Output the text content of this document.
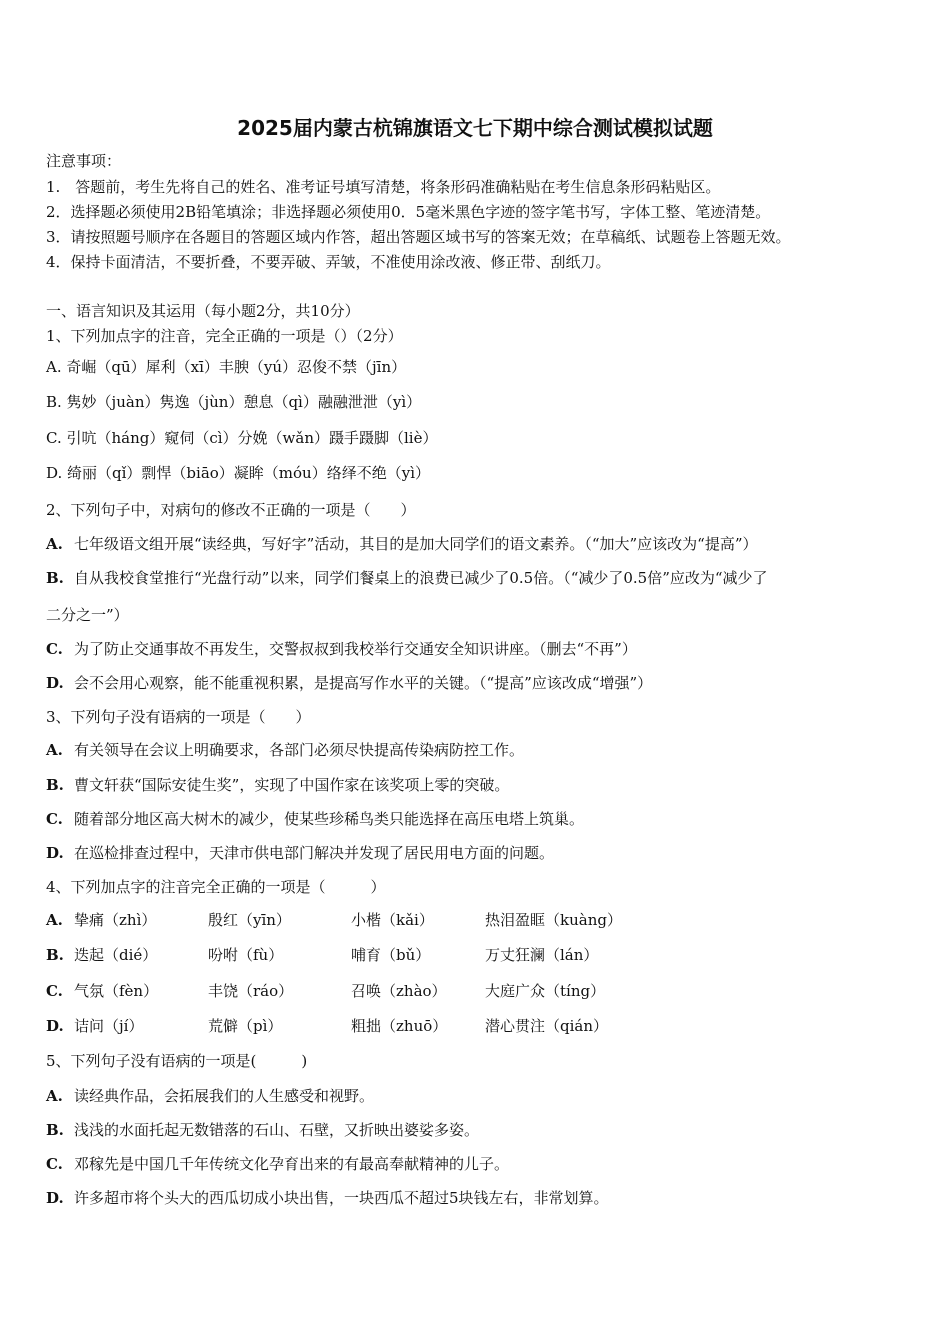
2025届内蒙古杭锦旗语文七下期中综合测试模拟试题
注意事项：
1.　答题前，考生先将自己的姓名、准考证号填写清楚，将条形码准确粘贴在考生信息条形码粘贴区。
2．选择题必须使用2B铅笔填涂；非选择题必须使用0．5毫米黑色字迹的签字笔书写，字体工整、笔迹清楚。
3．请按照题号顺序在各题目的答题区域内作答，超出答题区域书写的答案无效；在草稿纸、试题卷上答题无效。
4．保持卡面清洁，不要折叠，不要弄破、弄皱，不准使用涂改液、修正带、刮纸刀。
一、语言知识及其运用（每小题2分，共10分）
1、下列加点字的注音，完全正确的一项是（）（2分）
A. 奇崛（qū）犀利（xī）丰腴（yú）忍俊不禁（jīn）
B. 隽妙（juàn）隽逸（jùn）憩息（qì）融融泄泄（yì）
C. 引吭（háng）窥伺（cì）分娩（wǎn）蹑手蹑脚（liè）
D. 绮丽（qǐ）剽悍（biāo）凝眸（móu）络绎不绝（yì）
2、下列句子中，对病句的修改不正确的一项是（　　）
A. 七年级语文组开展“读经典，写好字”活动，其目的是加大同学们的语文素养。（“加大”应该改为“提高”）
B. 自从我校食堂推行“光盘行动”以来，同学们餐桌上的浪费已减少了0.5倍。（“减少了0.5倍”应改为“减少了
二分之一”）
C. 为了防止交通事故不再发生，交警叔叔到我校举行交通安全知识讲座。（删去“不再”）
D. 会不会用心观察，能不能重视积累，是提高写作水平的关键。（“提高”应该改成“增强”）
3、下列句子没有语病的一项是（　　）
A. 有关领导在会议上明确要求，各部门必须尽快提高传染病防控工作。
B. 曹文轩获“国际安徒生奖”，实现了中国作家在该奖项上零的突破。
C. 随着部分地区高大树木的减少，使某些珍稀鸟类只能选择在高压电塔上筑巢。
D. 在巡检排查过程中，天津市供电部门解决并发现了居民用电方面的问题。
4、下列加点字的注音完全正确的一项是（　　　）
A. 挚痛（zhì）	殷红（yīn）	小楷（kǎi）	热泪盈眶（kuàng）
B. 迭起（dié）	吩咐（fù）	哺育（bǔ）	万丈狂澜（lán）
C. 气氛（fèn）	丰饶（ráo）	召唤（zhào）	大庭广众（tíng）
D. 诘问（jí）	荒僻（pì）	粗拙（zhuō）	潜心贯注（qián）
5、下列句子没有语病的一项是(　　　)
A. 读经典作品，会拓展我们的人生感受和视野。
B. 浅浅的水面托起无数错落的石山、石壁，又折映出婆娑多姿。
C. 邓稼先是中国几千年传统文化孕育出来的有最高奉献精神的儿子。
D. 许多超市将个头大的西瓜切成小块出售，一块西瓜不超过5块钱左右，非常划算。
